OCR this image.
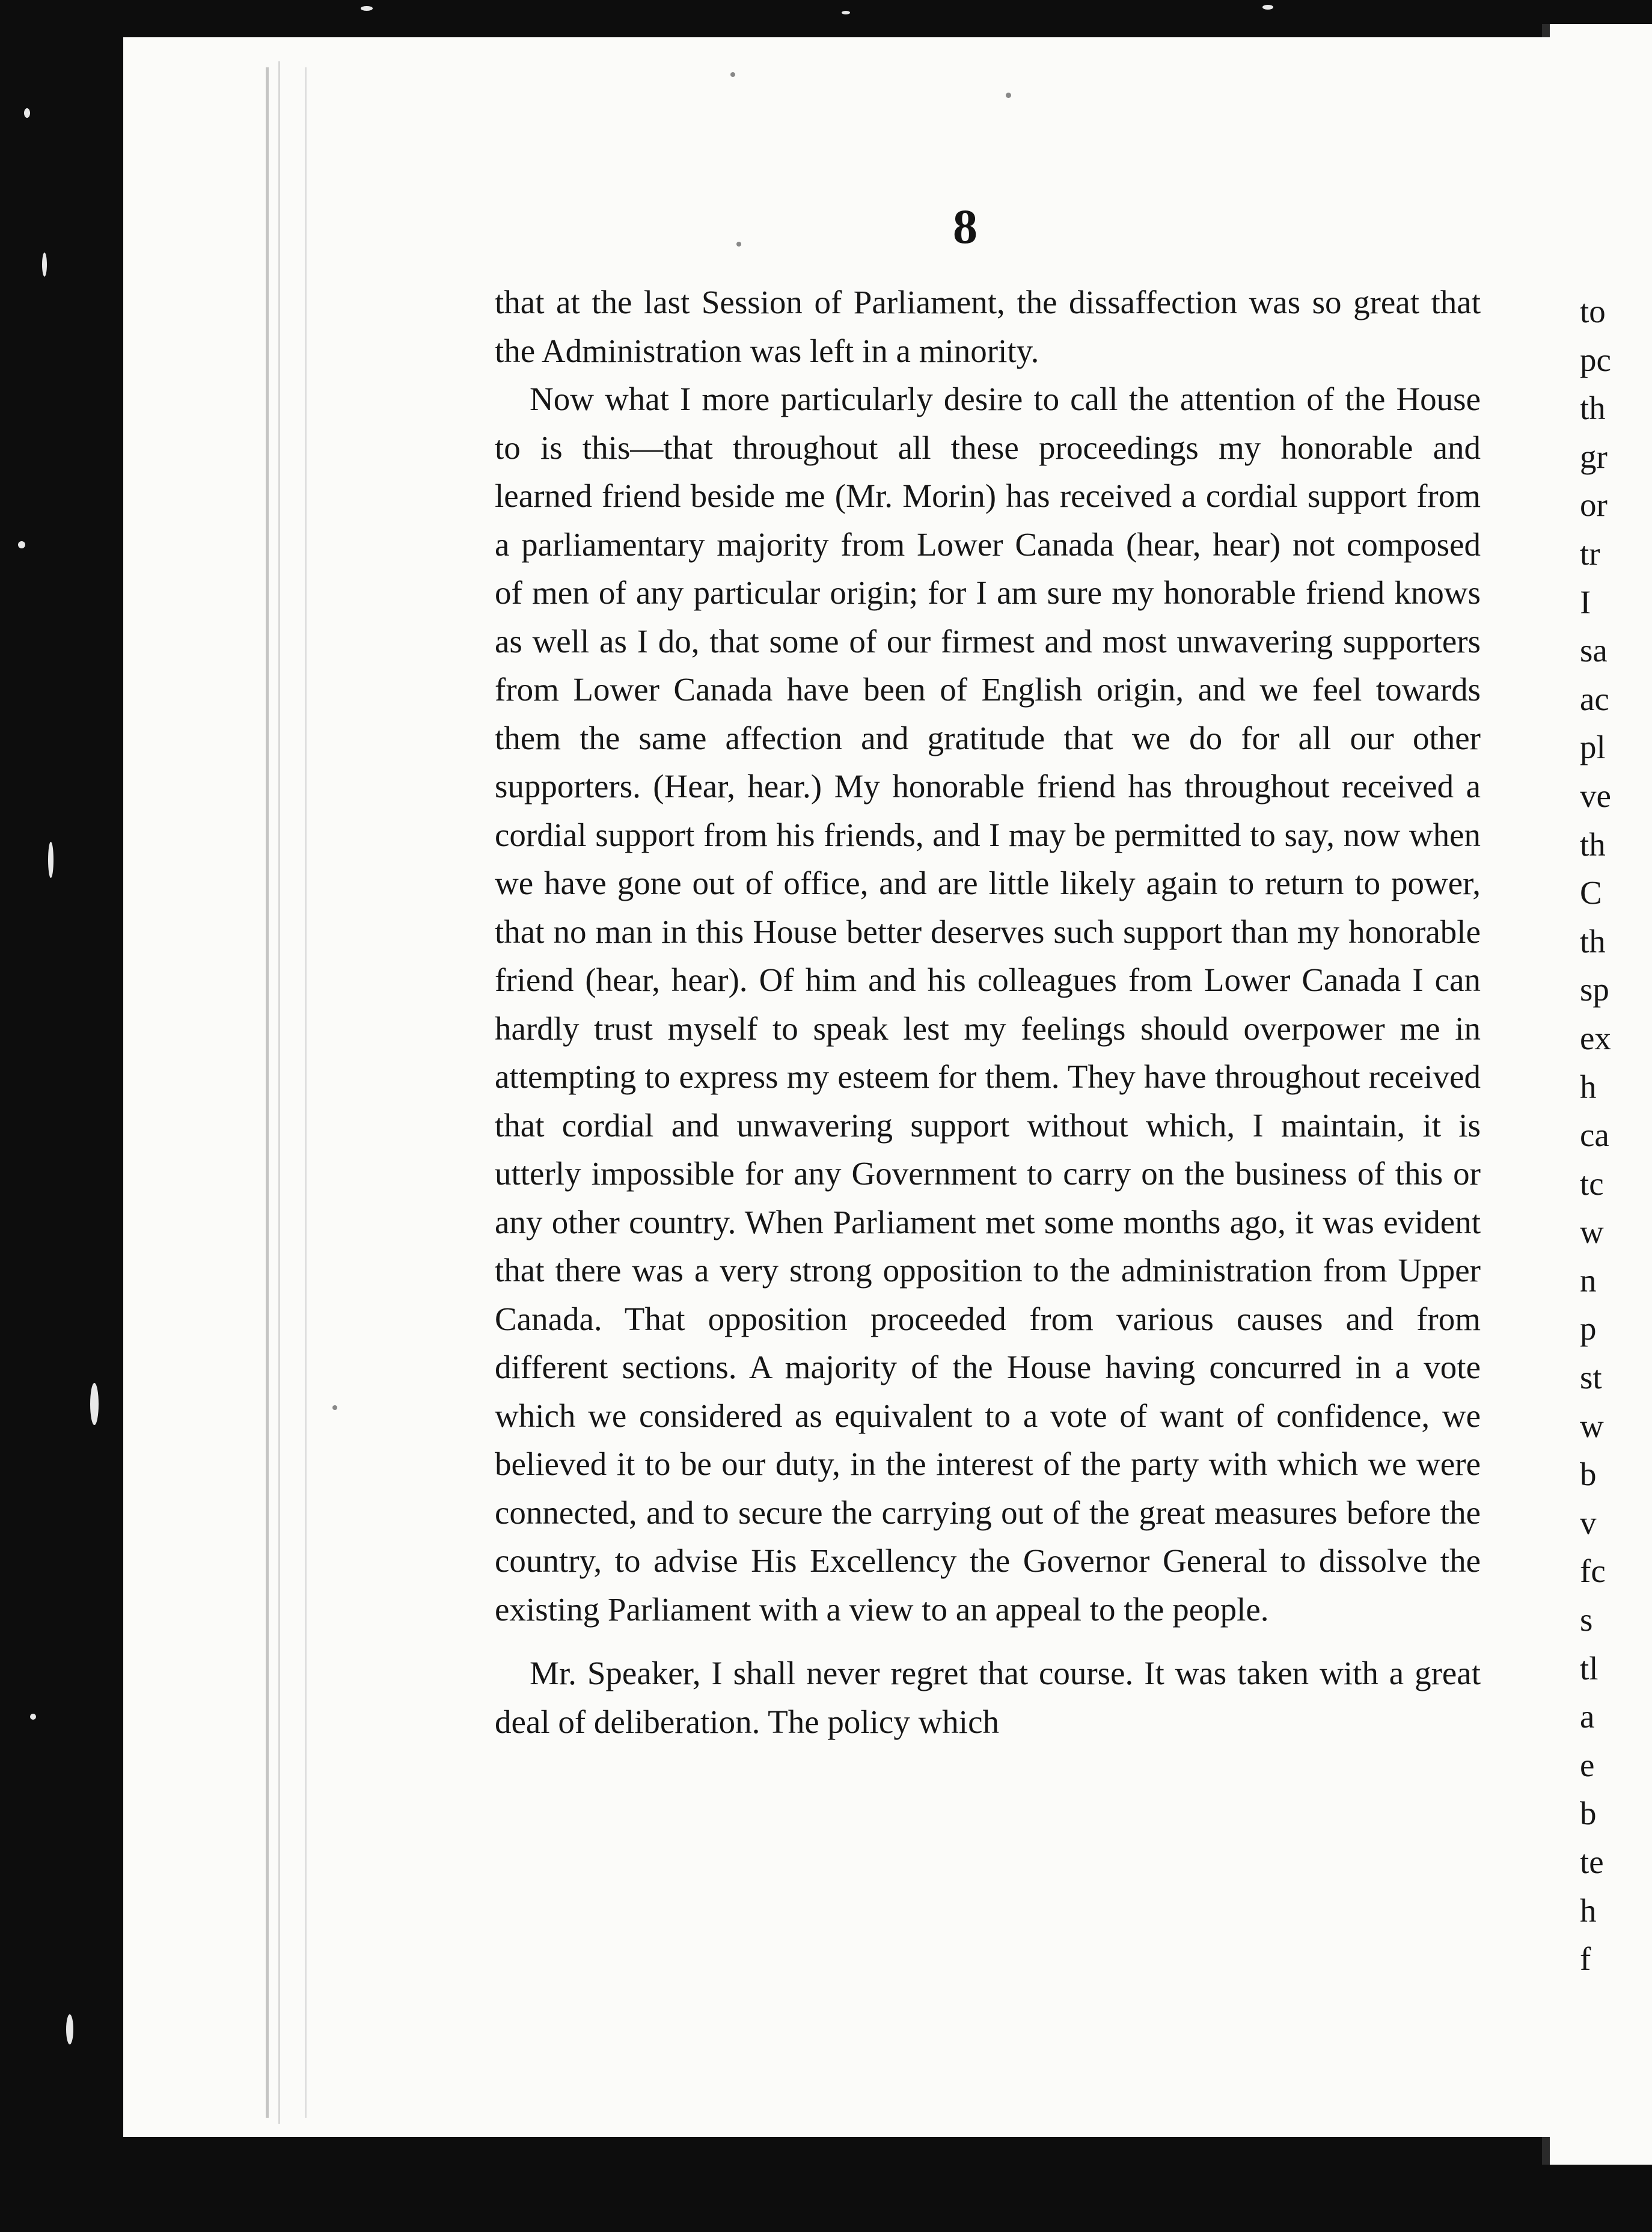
8

that at the last Session of Parliament, the dissaffection was so great that the Administration was left in a minority.

Now what I more particularly desire to call the attention of the House to is this—that throughout all these proceedings my honorable and learned friend beside me (Mr. Morin) has received a cordial support from a parliamentary majority from Lower Canada (hear, hear) not composed of men of any particular origin; for I am sure my honorable friend knows as well as I do, that some of our firmest and most unwavering supporters from Lower Canada have been of English origin, and we feel towards them the same affection and gratitude that we do for all our other supporters. (Hear, hear.) My honorable friend has throughout received a cordial support from his friends, and I may be permitted to say, now when we have gone out of office, and are little likely again to return to power, that no man in this House better deserves such support than my honorable friend (hear, hear). Of him and his colleagues from Lower Canada I can hardly trust myself to speak lest my feelings should overpower me in attempting to express my esteem for them. They have throughout received that cordial and unwavering support without which, I maintain, it is utterly impossible for any Government to carry on the business of this or any other country. When Parliament met some months ago, it was evident that there was a very strong opposition to the administration from Upper Canada. That opposition proceeded from various causes and from different sections. A majority of the House having concurred in a vote which we considered as equivalent to a vote of want of confidence, we believed it to be our duty, in the interest of the party with which we were connected, and to secure the carrying out of the great measures before the country, to advise His Excellency the Governor General to dissolve the existing Parliament with a view to an appeal to the people.

Mr. Speaker, I shall never regret that course. It was taken with a great deal of deliberation. The policy which

to
pc
th
gr
or
tr
I
sa
ac
pl
ve
th
C
th
sp
ex
h
ca
tc
w
n
p
st
w
b
v
fc
s
tl
a
e
b
te
h
f
